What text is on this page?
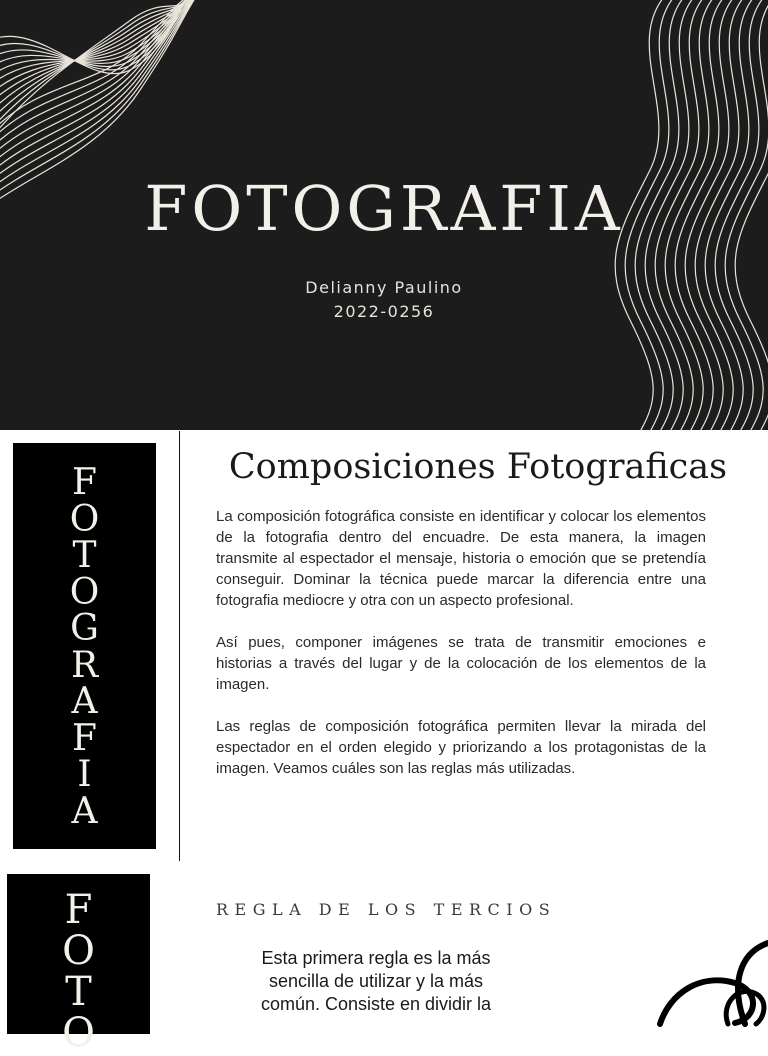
FOTOGRAFIA
Delianny Paulino
2022-0256
F
O
T
O
G
R
A
F
I
A
Composiciones Fotograficas

La composición fotográfica consiste en identificar y colocar los elementos de la fotografia dentro del encuadre. De esta manera, la imagen transmite al espectador el mensaje, historia o emoción que se pretendía conseguir. Dominar la técnica puede marcar la diferencia entre una fotografia mediocre y otra con un aspecto profesional.

Así pues, componer imágenes se trata de transmitir emociones e historias a través del lugar y de la colocación de los elementos de la imagen.

Las reglas de composición fotográfica permiten llevar la mirada del espectador en el orden elegido y priorizando a los protagonistas de la imagen. Veamos cuáles son las reglas más utilizadas.

F
O
T
O
REGLA DE LOS TERCIOS

Esta primera regla es la más sencilla de utilizar y la más común. Consiste en dividir la
